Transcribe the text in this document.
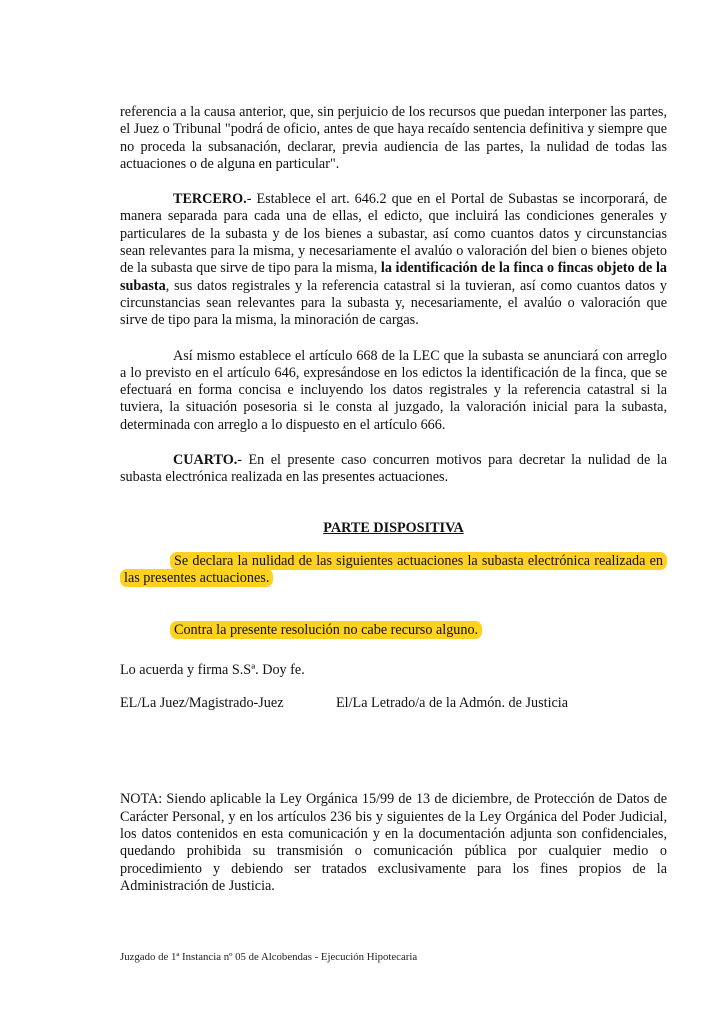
referencia a la causa anterior, que, sin perjuicio de los recursos que puedan interponer las partes, el Juez o Tribunal "podrá de oficio, antes de que haya recaído sentencia definitiva y siempre que no proceda la subsanación, declarar, previa audiencia de las partes, la nulidad de todas las actuaciones o de alguna en particular".

TERCERO.- Establece el art. 646.2 que en el Portal de Subastas se incorporará, de manera separada para cada una de ellas, el edicto, que incluirá las condiciones generales y particulares de la subasta y de los bienes a subastar, así como cuantos datos y circunstancias sean relevantes para la misma, y necesariamente el avalúo o valoración del bien o bienes objeto de la subasta que sirve de tipo para la misma, la identificación de la finca o fincas objeto de la subasta, sus datos registrales y la referencia catastral si la tuvieran, así como cuantos datos y circunstancias sean relevantes para la subasta y, necesariamente, el avalúo o valoración que sirve de tipo para la misma, la minoración de cargas.

Así mismo establece el artículo 668 de la LEC que la subasta se anunciará con arreglo a lo previsto en el artículo 646, expresándose en los edictos la identificación de la finca, que se efectuará en forma concisa e incluyendo los datos registrales y la referencia catastral si la tuviera, la situación posesoria si le consta al juzgado, la valoración inicial para la subasta, determinada con arreglo a lo dispuesto en el artículo 666.

CUARTO.- En el presente caso concurren motivos para decretar la nulidad de la subasta electrónica realizada en las presentes actuaciones.

PARTE DISPOSITIVA

Se declara la nulidad de las siguientes actuaciones la subasta electrónica realizada en las presentes actuaciones.

Contra la presente resolución no cabe recurso alguno.

Lo acuerda y firma S.Sª. Doy fe.

EL/La Juez/Magistrado-Juez	El/La Letrado/a de la Admón. de Justicia

NOTA: Siendo aplicable la Ley Orgánica 15/99 de 13 de diciembre, de Protección de Datos de Carácter Personal, y en los artículos 236 bis y siguientes de la Ley Orgánica del Poder Judicial, los datos contenidos en esta comunicación y en la documentación adjunta son confidenciales, quedando prohibida su transmisión o comunicación pública por cualquier medio o procedimiento y debiendo ser tratados exclusivamente para los fines propios de la Administración de Justicia.

Juzgado de 1ª Instancia nº 05 de Alcobendas - Ejecución Hipotecaria
